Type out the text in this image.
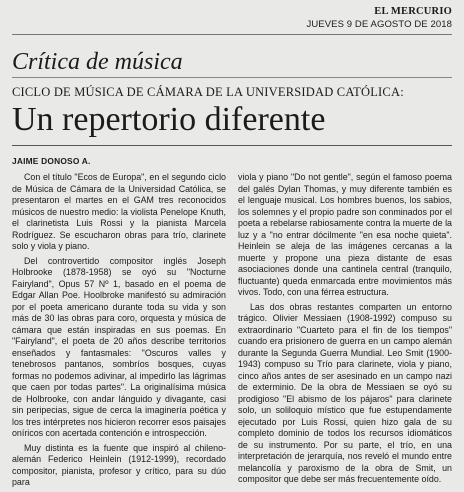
EL MERCURIO
JUEVES 9 DE AGOSTO DE 2018
Crítica de música
CICLO DE MÚSICA DE CÁMARA DE LA UNIVERSIDAD CATÓLICA:
Un repertorio diferente
JAIME DONOSO A.

Con el título "Ecos de Europa", en el segundo ciclo de Música de Cámara de la Universidad Católica, se presentaron el martes en el GAM tres reconocidos músicos de nuestro medio: la violista Penelope Knuth, el clarinetista Luis Rossi y la pianista Marcela Rodríguez. Se escucharon obras para trío, clarinete solo y viola y piano.

Del controvertido compositor inglés Joseph Holbrooke (1878-1958) se oyó su "Nocturne Fairyland", Opus 57 Nº 1, basado en el poema de Edgar Allan Poe. Hoolbroke manifestó su admiración por el poeta americano durante toda su vida y son más de 30 las obras para coro, orquesta y música de cámara que están inspiradas en sus poemas. En "Fairyland", el poeta de 20 años describe territorios enseñados y fantasmales: "Oscuros valles y tenebrosos pantanos, sombríos bosques, cuyas formas no podemos adivinar, al impedirlo las lágrimas que caen por todas partes". La originalísima música de Holbrooke, con andar lánguido y divagante, casi sin peripecias, sigue de cerca la imaginería poética y los tres intérpretes nos hicieron recorrer esos paisajes oníricos con acertada contención e introspección.

Muy distinta es la fuente que inspiró al chileno-alemán Federico Heinlein (1912-1999), recordado compositor, pianista, profesor y crítico, para su dúo para

viola y piano "Do not gentle", según el famoso poema del galés Dylan Thomas, y muy diferente también es el lenguaje musical. Los hombres buenos, los sabios, los solemnes y el propio padre son conminados por el poeta a rebelarse rabiosamente contra la muerte de la luz y a "no entrar dócilmente "en esa noche quieta". Heinlein se aleja de las imágenes cercanas a la muerte y propone una pieza distante de esas asociaciones donde una cantinela central (tranquilo, fluctuante) queda enmarcada entre movimientos más vivos. Todo, con una férrea estructura.

Las dos obras restantes comparten un entorno trágico. Olivier Messiaen (1908-1992) compuso su extraordinario "Cuarteto para el fin de los tiempos" cuando era prisionero de guerra en un campo alemán durante la Segunda Guerra Mundial. Leo Smit (1900-1943) compuso su Trío para clarinete, viola y piano, cinco años antes de ser asesinado en un campo nazi de exterminio. De la obra de Messiaen se oyó su prodigioso "El abismo de los pájaros" para clarinete solo, un soliloquio místico que fue estupendamente ejecutado por Luis Rossi, quien hizo gala de su completo dominio de todos los recursos idiomáticos de su instrumento. Por su parte, el trío, en una interpretación de jerarquía, nos reveló el mundo entre melancolía y paroxismo de la obra de Smit, un compositor que debe ser más frecuentemente oído.
